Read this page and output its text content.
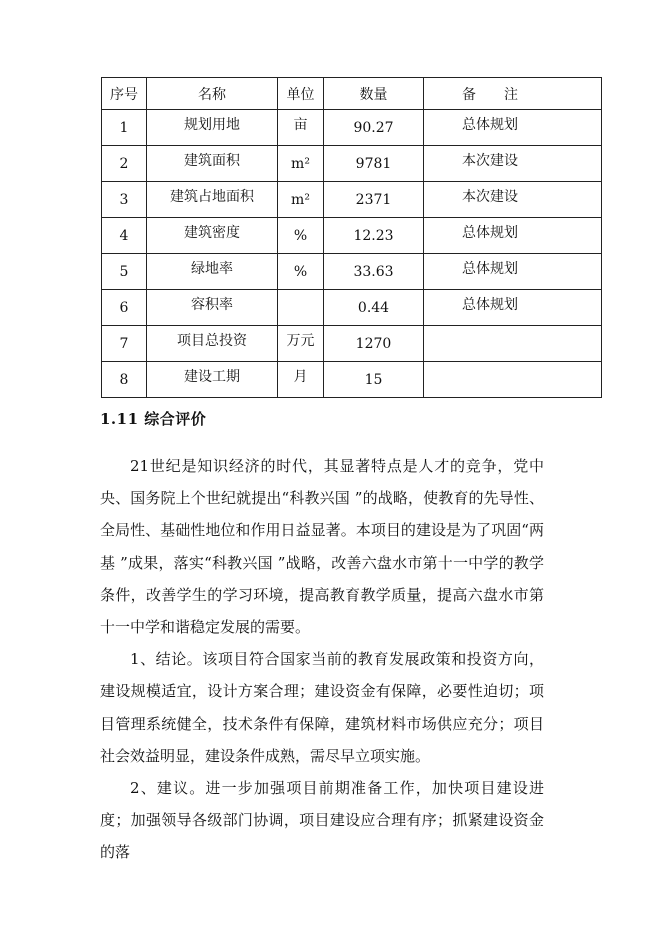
序号	名称	单位	数量	备　　注
1	规划用地	亩	90.27	总体规划
2	建筑面积	m²	9781	本次建设
3	建筑占地面积	m²	2371	本次建设
4	建筑密度	%	12.23	总体规划
5	绿地率	%	33.63	总体规划
6	容积率		0.44	总体规划
7	项目总投资	万元	1270	
8	建设工期	月	15	
1.11 综合评价

21世纪是知识经济的时代，其显著特点是人才的竞争，党中央、国务院上个世纪就提出“科教兴国 ”的战略，使教育的先导性、全局性、基础性地位和作用日益显著。本项目的建设是为了巩固“两基 ”成果，落实“科教兴国 ”战略，改善六盘水市第十一中学的教学条件，改善学生的学习环境，提高教育教学质量，提高六盘水市第十一中学和谐稳定发展的需要。

1、结论。该项目符合国家当前的教育发展政策和投资方向，建设规模适宜，设计方案合理；建设资金有保障，必要性迫切；项目管理系统健全，技术条件有保障，建筑材料市场供应充分；项目社会效益明显，建设条件成熟，需尽早立项实施。

2、建议。进一步加强项目前期准备工作，加快项目建设进度；加强领导各级部门协调，项目建设应合理有序；抓紧建设资金的落
